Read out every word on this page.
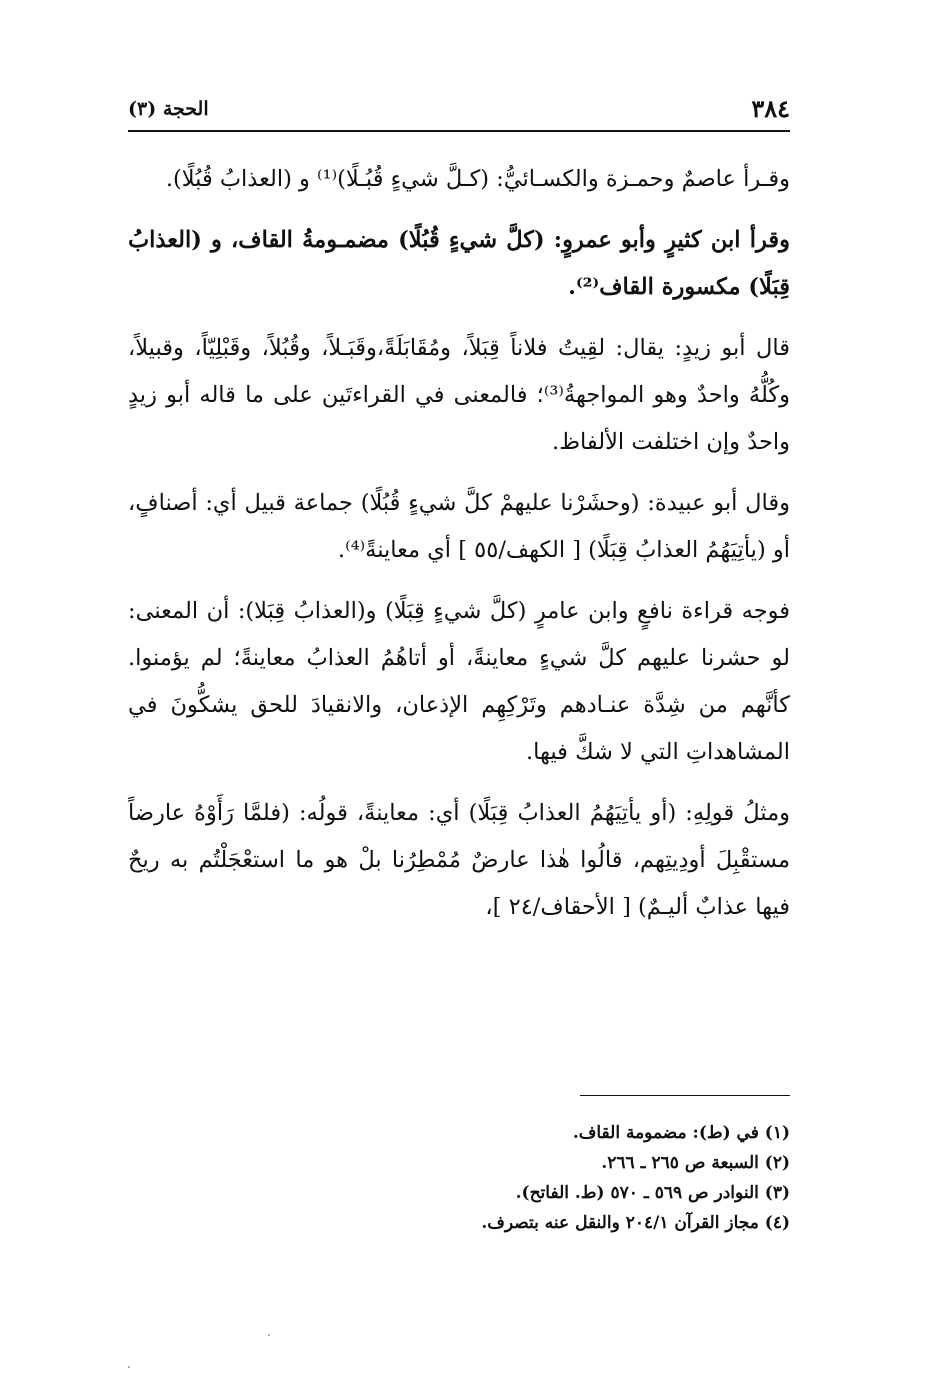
٣٨٤
الحجة (٣)

وقـرأ عاصمٌ وحمـزة والكسـائيُّ: (كـلَّ شيءٍ قُبُـلًا)⁽¹⁾ و (العذابُ قُبُلًا).

وقرأ ابن كثيرٍ وأبو عمروٍ: (كلَّ شيءٍ قُبُلًا) مضمـومةُ القاف، و (العذابُ قِبَلًا) مكسورة القاف⁽²⁾.

قال أبو زيدٍ: يقال: لقِيتُ فلاناً قِبَلاً، ومُقَابَلَةً،وقَبَـلاً، وقُبُلاً، وقَبْلِيّاً، وقبيلاً، وكُلُّهُ واحدٌ وهو المواجهةُ⁽³⁾؛ فالمعنى في القراءتَين على ما قاله أبو زيدٍ واحدٌ وإن اختلفت الألفاظ.

وقال أبو عبيدة: (وحشَرْنا عليهمْ كلَّ شيءٍ قُبُلًا) جماعة قبيل أي: أصنافٍ، أو (يأتِيَهُمُ العذابُ قِبَلًا) [ الكهف/٥٥ ] أي معاينةً⁽⁴⁾.

فوجه قراءة نافعٍ وابن عامرٍ (كلَّ شيءٍ قِبَلًا) و(العذابُ قِبَلا): أن المعنى: لو حشرنا عليهم كلَّ شيءٍ معاينةً، أو أتاهُمُ العذابُ معاينةً؛ لم يؤمنوا. كأنَّهم من شِدَّة عنـادهم وتَرْكِهِم الإذعان، والانقيادَ للحق يشكُّونَ في المشاهداتِ التي لا شكَّ فيها.

ومثلُ قولِهِ: (أو يأتِيَهُمُ العذابُ قِبَلًا) أي: معاينةً، قولُه: (فلمَّا رَأَوْهُ عارضاً مستقْبِلَ أودِيتِهم، قالُوا هٰذا عارضٌ مُمْطِرُنا بلْ هو ما استعْجَلْتُم به ريحٌ فيها عذابٌ أليـمٌ) [ الأحقاف/٢٤ ]،

(١) في (ط): مضمومة القاف.

(٢) السبعة ص ٢٦٥ ـ ٢٦٦.

(٣) النوادر ص ٥٦٩ ـ ٥٧٠ (ط. الفاتح).

(٤) مجاز القرآن ٢٠٤/١ والنقل عنه بتصرف.
